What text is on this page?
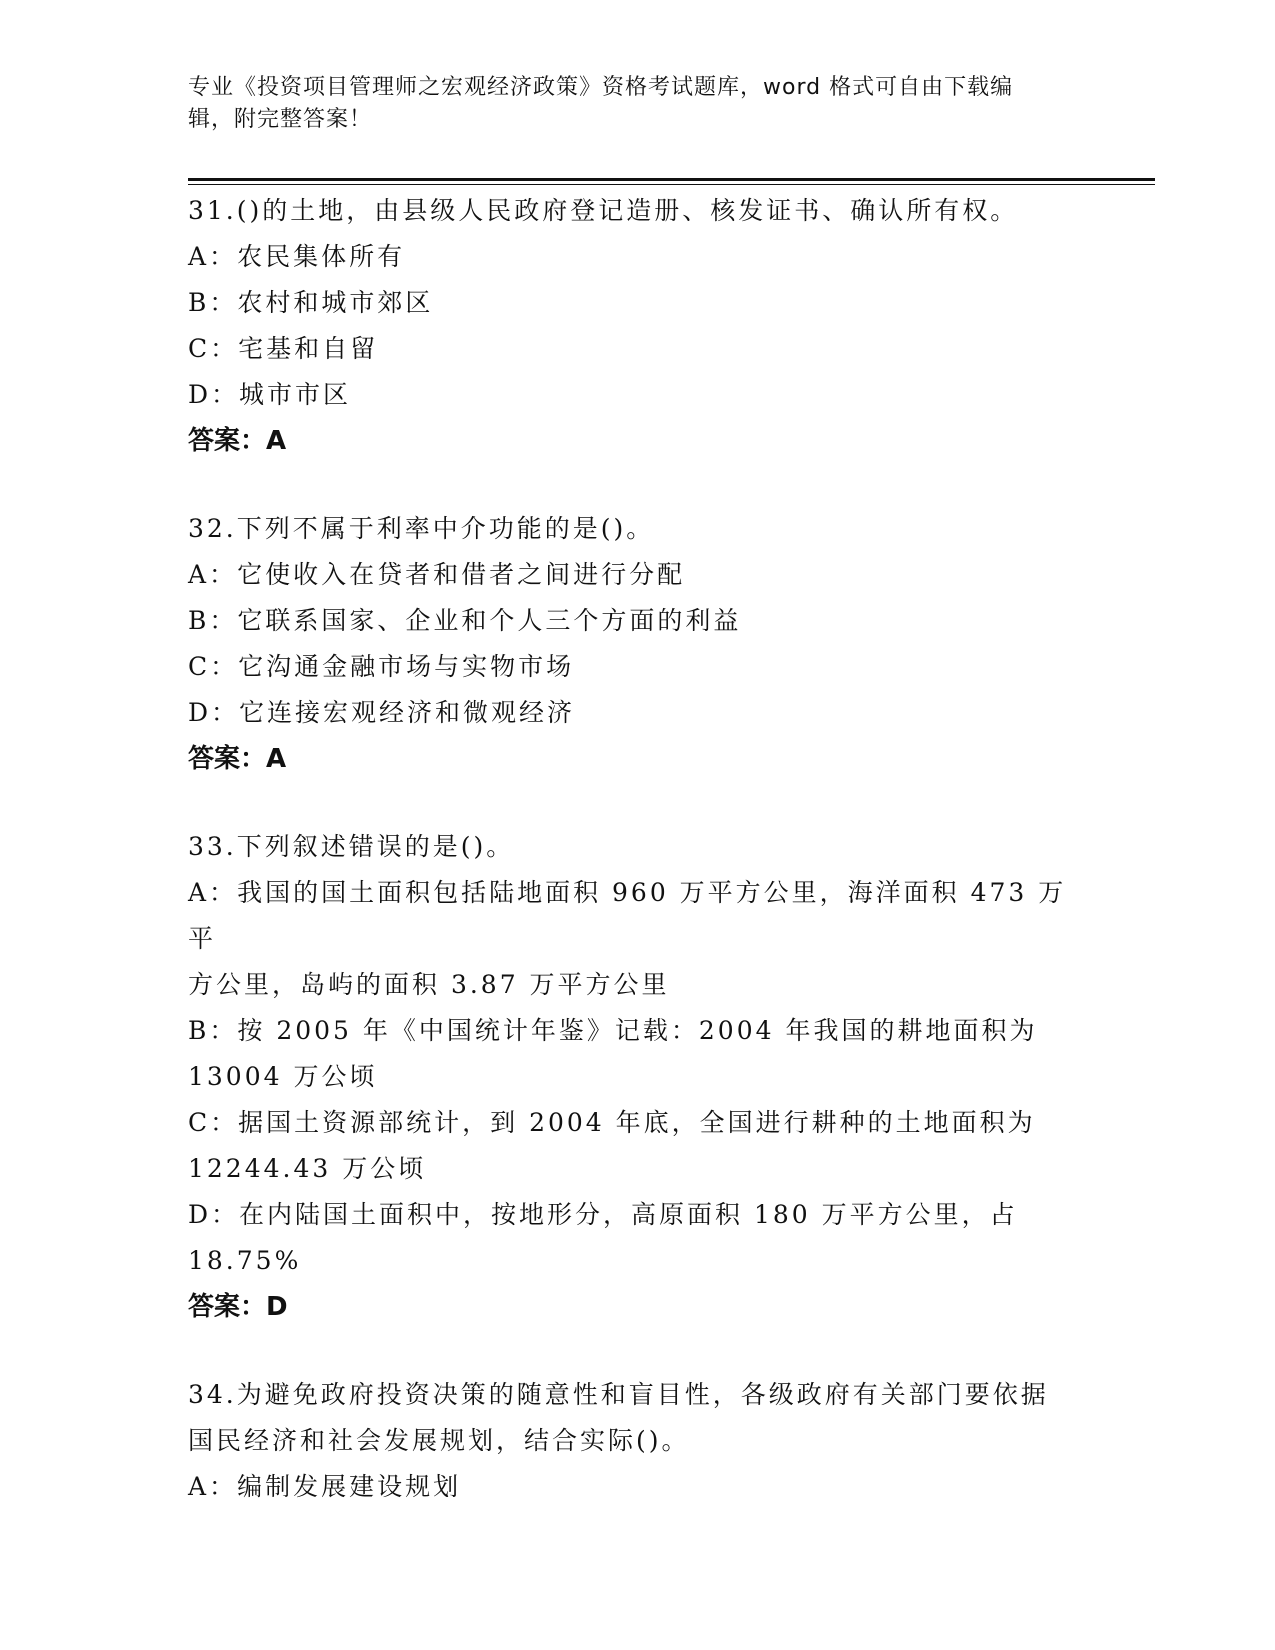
专业《投资项目管理师之宏观经济政策》资格考试题库，word 格式可自由下载编
辑，附完整答案！
31.()的土地，由县级人民政府登记造册、核发证书、确认所有权。
A：农民集体所有
B：农村和城市郊区
C：宅基和自留
D：城市市区
答案：A
32.下列不属于利率中介功能的是()。
A：它使收入在贷者和借者之间进行分配
B：它联系国家、企业和个人三个方面的利益
C：它沟通金融市场与实物市场
D：它连接宏观经济和微观经济
答案：A
33.下列叙述错误的是()。
A：我国的国土面积包括陆地面积 960 万平方公里，海洋面积 473 万平
方公里，岛屿的面积 3.87 万平方公里
B：按 2005 年《中国统计年鉴》记载：2004 年我国的耕地面积为
13004 万公顷
C：据国土资源部统计，到 2004 年底，全国进行耕种的土地面积为
12244.43 万公顷
D：在内陆国土面积中，按地形分，高原面积 180 万平方公里，占
18.75%
答案：D
34.为避免政府投资决策的随意性和盲目性，各级政府有关部门要依据
国民经济和社会发展规划，结合实际()。
A：编制发展建设规划
